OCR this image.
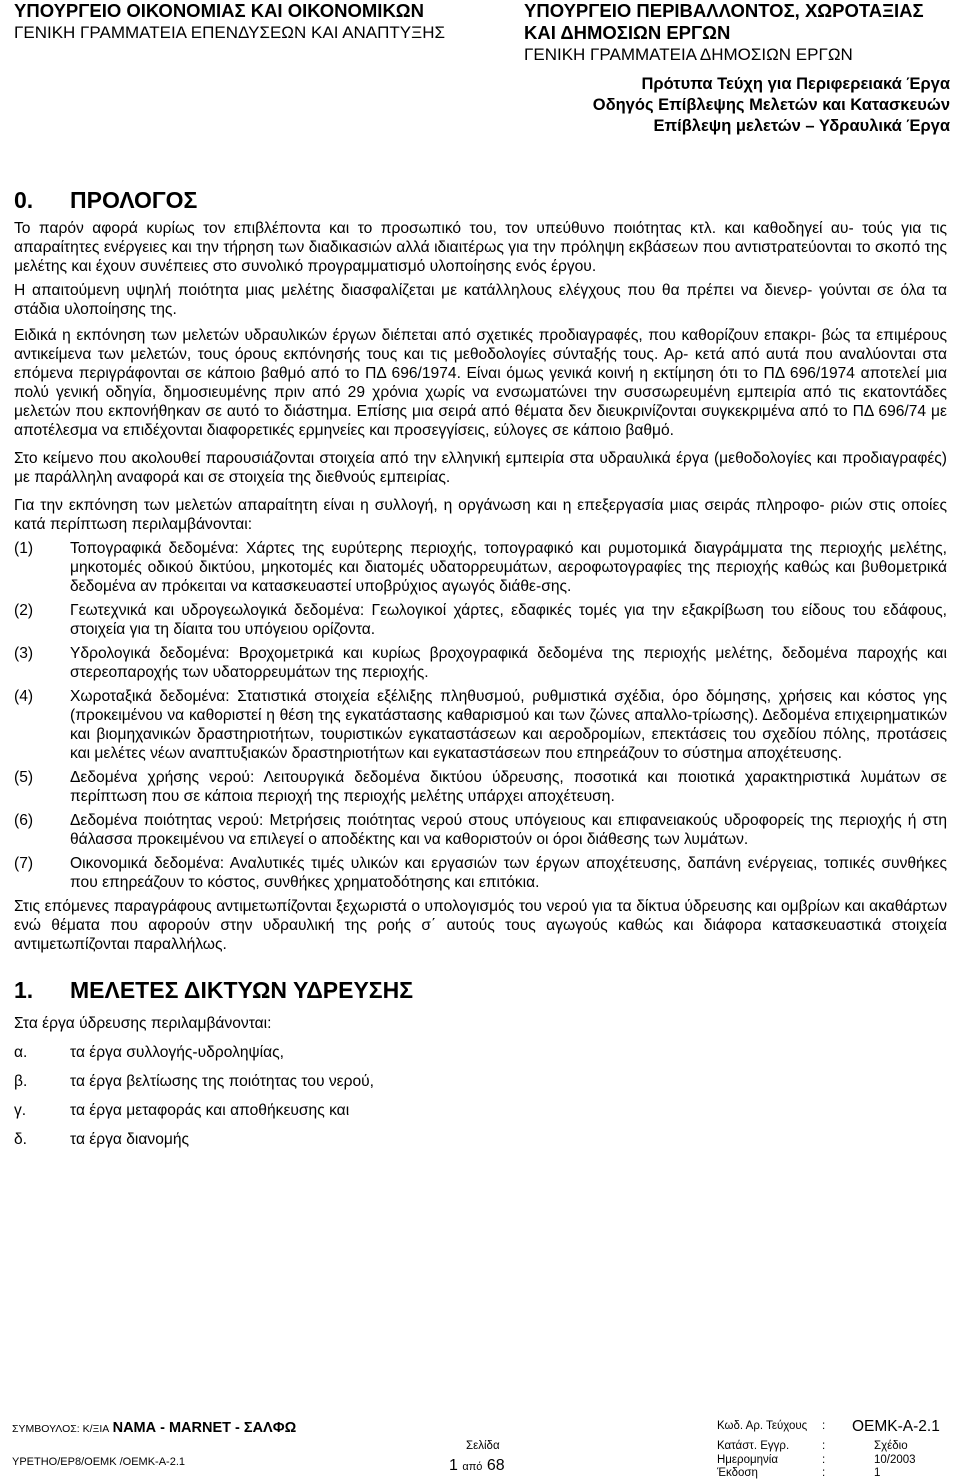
ΥΠΟΥΡΓΕΙΟ ΟΙΚΟΝΟΜΙΑΣ ΚΑΙ ΟΙΚΟΝΟΜΙΚΩΝ
ΓΕΝΙΚΗ ΓΡΑΜΜΑΤΕΙΑ ΕΠΕΝΔΥΣΕΩΝ ΚΑΙ ΑΝΑΠΤΥΞΗΣ
ΥΠΟΥΡΓΕΙΟ ΠΕΡΙΒΑΛΛΟΝΤΟΣ, ΧΩΡΟΤΑΞΙΑΣ
ΚΑΙ ΔΗΜΟΣΙΩΝ ΕΡΓΩΝ
ΓΕΝΙΚΗ ΓΡΑΜΜΑΤΕΙΑ ΔΗΜΟΣΙΩΝ ΕΡΓΩΝ
Πρότυπα Τεύχη για Περιφερειακά Έργα
Οδηγός Επίβλεψης Μελετών και Κατασκευών
Επίβλεψη μελετών – Υδραυλικά Έργα
0.	ΠΡΟΛΟΓΟΣ

Το παρόν αφορά κυρίως τον επιβλέποντα και το προσωπικό του, τον υπεύθυνο ποιότητας κτλ. και καθοδηγεί αυ- τούς για τις απαραίτητες ενέργειες και την τήρηση των διαδικασιών αλλά ιδιαιτέρως για την πρόληψη εκβάσεων που αντιστρατεύονται το σκοπό της μελέτης και έχουν συνέπειες στο συνολικό προγραμματισμό υλοποίησης ενός έργου.

Η απαιτούμενη υψηλή ποιότητα μιας μελέτης διασφαλίζεται με κατάλληλους ελέγχους που θα πρέπει να διενερ- γούνται σε όλα τα στάδια υλοποίησης της.

Ειδικά η εκπόνηση των μελετών υδραυλικών έργων διέπεται από σχετικές προδιαγραφές, που καθορίζουν επακρι- βώς τα επιμέρους αντικείμενα των μελετών, τους όρους εκπόνησής τους και τις μεθοδολογίες σύνταξής τους. Αρ- κετά από αυτά που αναλύονται στα επόμενα περιγράφονται σε κάποιο βαθμό από το ΠΔ 696/1974. Είναι όμως γενικά κοινή η εκτίμηση ότι το ΠΔ 696/1974 αποτελεί μια πολύ γενική οδηγία, δημοσιευμένης πριν από 29 χρόνια χωρίς να ενσωματώνει την συσσωρευμένη εμπειρία από τις εκατοντάδες μελετών που εκπονήθηκαν σε αυτό το διάστημα. Επίσης μια σειρά από θέματα δεν διευκρινίζονται συγκεκριμένα από το ΠΔ 696/74 με αποτέλεσμα να επιδέχονται διαφορετικές ερμηνείες και προσεγγίσεις, εύλογες σε κάποιο βαθμό.

Στο κείμενο που ακολουθεί παρουσιάζονται στοιχεία από την ελληνική εμπειρία στα υδραυλικά έργα (μεθοδολογίες και προδιαγραφές) με παράλληλη αναφορά και σε στοιχεία της διεθνούς εμπειρίας.

Για την εκπόνηση των μελετών απαραίτητη είναι η συλλογή, η οργάνωση και η επεξεργασία μιας σειράς πληροφο- ριών στις οποίες κατά περίπτωση περιλαμβάνονται:

(1)	Τοπογραφικά δεδομένα: Χάρτες της ευρύτερης περιοχής, τοπογραφικό και ρυμοτομικά διαγράμματα της περιοχής μελέτης, μηκοτομές οδικού δικτύου, μηκοτομές και διατομές υδατορρευμάτων, αεροφωτογραφίες της περιοχής καθώς και βυθομετρικά δεδομένα αν πρόκειται να κατασκευαστεί υποβρύχιος αγωγός διάθε-σης.
(2)	Γεωτεχνικά και υδρογεωλογικά δεδομένα: Γεωλογικοί χάρτες, εδαφικές τομές για την εξακρίβωση του είδους του εδάφους, στοιχεία για τη δίαιτα του υπόγειου ορίζοντα.
(3)	Υδρολογικά δεδομένα: Βροχομετρικά και κυρίως βροχογραφικά δεδομένα της περιοχής μελέτης, δεδομένα παροχής και στερεοπαροχής των υδατορρευμάτων της περιοχής.
(4)	Χωροταξικά δεδομένα: Στατιστικά στοιχεία εξέλιξης πληθυσμού, ρυθμιστικά σχέδια, όρο δόμησης, χρήσεις και κόστος γης (προκειμένου να καθοριστεί η θέση της εγκατάστασης καθαρισμού και των ζώνες απαλλο-τρίωσης). Δεδομένα επιχειρηματικών και βιομηχανικών δραστηριοτήτων, τουριστικών εγκαταστάσεων και αεροδρομίων, επεκτάσεις του σχεδίου πόλης, προτάσεις και μελέτες νέων αναπτυξιακών δραστηριοτήτων και εγκαταστάσεων που επηρεάζουν το σύστημα αποχέτευσης.
(5)	Δεδομένα χρήσης νερού: Λειτουργικά δεδομένα δικτύου ύδρευσης, ποσοτικά και ποιοτικά χαρακτηριστικά λυμάτων σε περίπτωση που σε κάποια περιοχή της περιοχής μελέτης υπάρχει αποχέτευση.
(6)	Δεδομένα ποιότητας νερού: Μετρήσεις ποιότητας νερού στους υπόγειους και επιφανειακούς υδροφορείς της περιοχής ή στη θάλασσα προκειμένου να επιλεγεί ο αποδέκτης και να καθοριστούν οι όροι διάθεσης των λυμάτων.
(7)	Οικονομικά δεδομένα: Αναλυτικές τιμές υλικών και εργασιών των έργων αποχέτευσης, δαπάνη ενέργειας, τοπικές συνθήκες που επηρεάζουν το κόστος, συνθήκες χρηματοδότησης και επιτόκια.

Στις επόμενες παραγράφους αντιμετωπίζονται ξεχωριστά ο υπολογισμός του νερού για τα δίκτυα ύδρευσης και ομβρίων και ακαθάρτων ενώ θέματα που αφορούν στην υδραυλική της ροής σ΄ αυτούς τους αγωγούς καθώς και διάφορα κατασκευαστικά στοιχεία αντιμετωπίζονται παραλλήλως.

1.	ΜΕΛΕΤΕΣ ΔΙΚΤΥΩΝ ΥΔΡΕΥΣΗΣ

Στα έργα ύδρευσης περιλαμβάνονται:

α.	τα έργα συλλογής-υδροληψίας,
β.	τα έργα βελτίωσης της ποιότητας του νερού,
γ.	τα έργα μεταφοράς και αποθήκευσης και
δ.	τα έργα διανομής
ΣΥΜΒΟΥΛΟΣ: Κ/ΞΙΑ ΝΑΜΑ - MARNET - ΣΑΛΦΩ
ΥΡΕΤΗΟ/ΕΡ8/ΟΕΜΚ /ΟΕΜΚ-Α-2.1
Σελίδα
1 από 68
Κωδ. Αρ. Τεύχους : ΟΕΜΚ-Α-2.1
Κατάστ. Εγγρ.	:	Σχέδιο
Ημερομηνία	:	10/2003
Έκδοση	:	1
